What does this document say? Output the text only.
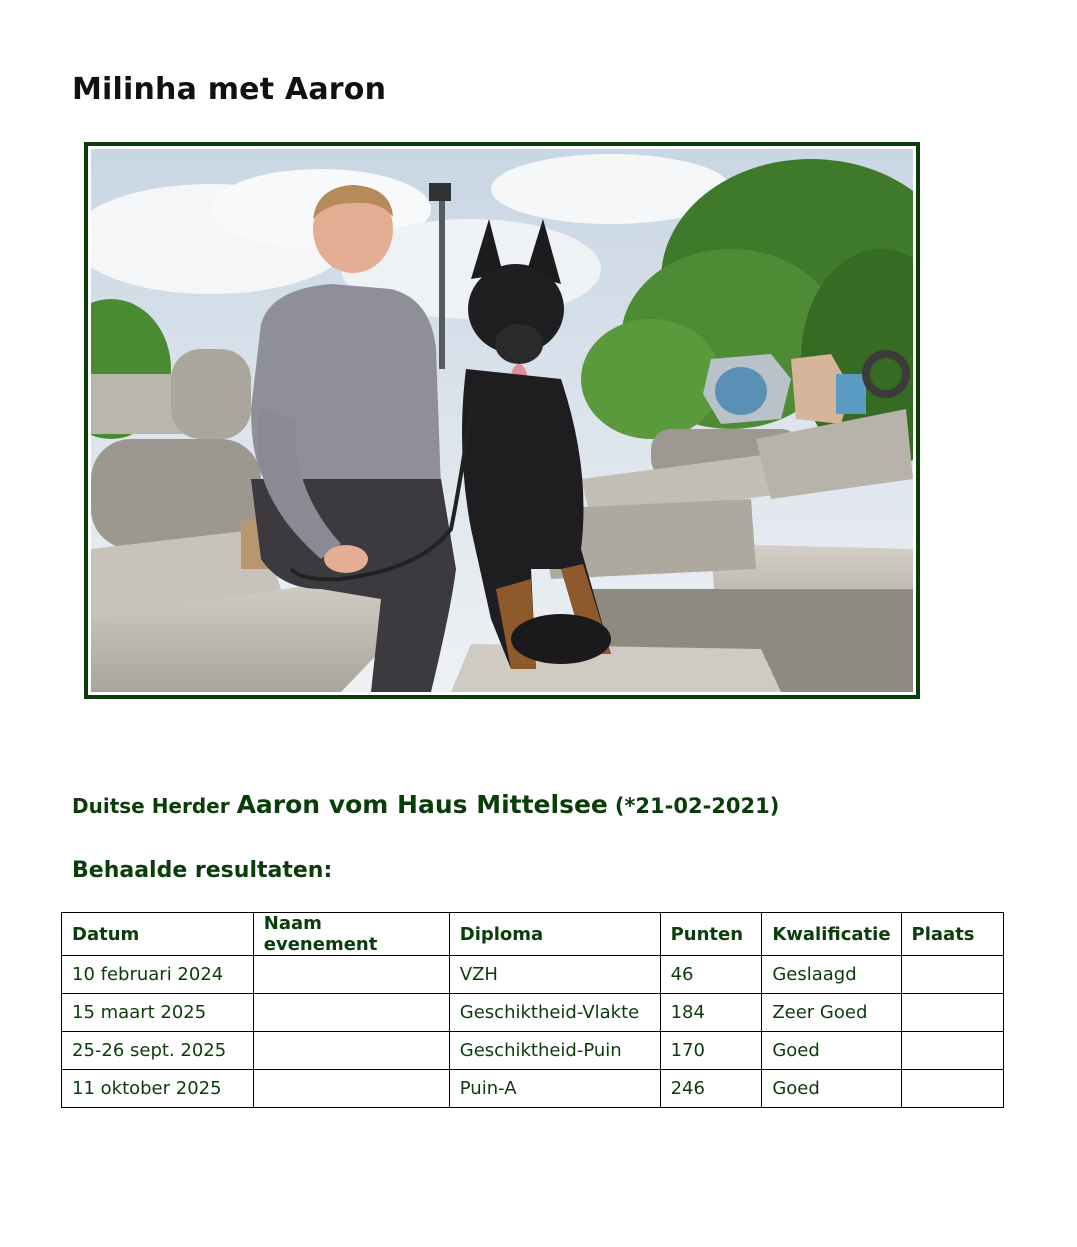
Milinha met Aaron
Duitse Herder Aaron vom Haus Mittelsee (*21-02-2021)
Behaalde resultaten:
Datum	Naam evenement	Diploma	Punten	Kwalificatie	Plaats
10 februari 2024		VZH	46	Geslaagd	
15 maart 2025		Geschiktheid-Vlakte	184	Zeer Goed	
25-26 sept. 2025		Geschiktheid-Puin	170	Goed	
11 oktober 2025		Puin-A	246	Goed	
